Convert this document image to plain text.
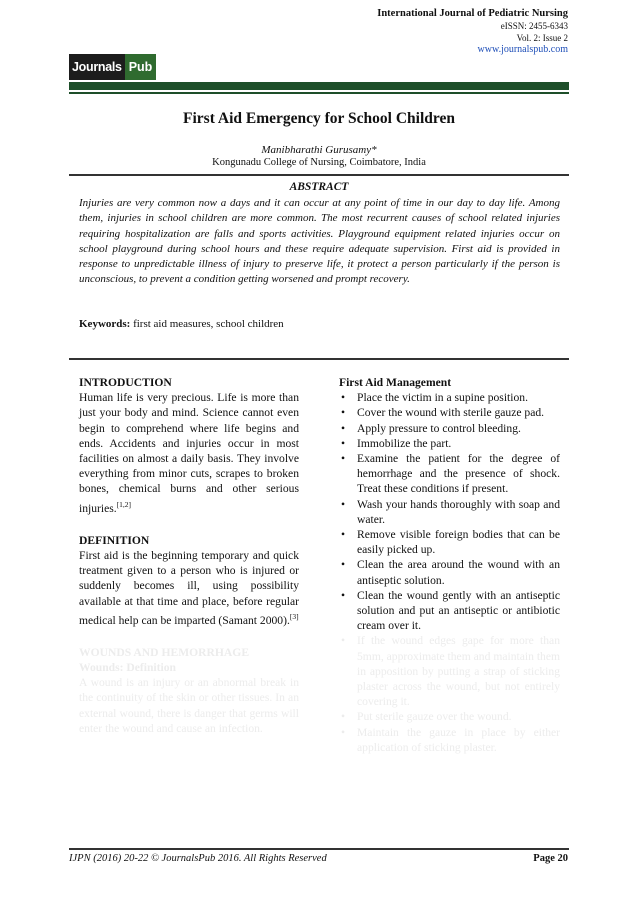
International Journal of Pediatric Nursing
eISSN: 2455-6343
Vol. 2: Issue 2
www.journalspub.com
Journals Pub
First Aid Emergency for School Children
Manibharathi Gurusamy*
Kongunadu College of Nursing, Coimbatore, India
ABSTRACT
Injuries are very common now a days and it can occur at any point of time in our day to day life. Among them, injuries in school children are more common. The most recurrent causes of school related injuries requiring hospitalization are falls and sports activities. Playground equipment related injuries occur on school playground during school hours and these require adequate supervision. First aid is provided in response to unpredictable illness of injury to preserve life, it protect a person particularly if the person is unconscious, to prevent a condition getting worsened and prompt recovery.
Keywords: first aid measures, school children
INTRODUCTION
Human life is very precious. Life is more than just your body and mind. Science cannot even begin to comprehend where life begins and ends. Accidents and injuries occur in most facilities on almost a daily basis. They involve everything from minor cuts, scrapes to broken bones, chemical burns and other serious injuries.[1,2]
DEFINITION
First aid is the beginning temporary and quick treatment given to a person who is injured or suddenly becomes ill, using possibility available at that time and place, before regular medical help can be imparted (Samant 2000).[3]
WOUNDS AND HEMORRHAGE
Wounds: Definition
A wound is an injury or an abnormal break in the continuity of the skin or other tissues. In an external wound, there is danger that germs will enter the wound and cause an infection.
First Aid Management
• Place the victim in a supine position.
• Cover the wound with sterile gauze pad.
• Apply pressure to control bleeding.
• Immobilize the part.
• Examine the patient for the degree of hemorrhage and the presence of shock. Treat these conditions if present.
• Wash your hands thoroughly with soap and water.
• Remove visible foreign bodies that can be easily picked up.
• Clean the area around the wound with an antiseptic solution.
• Clean the wound gently with an antiseptic solution and put an antiseptic or antibiotic cream over it.
• If the wound edges gape for more than 5mm, approximate them and maintain them in apposition by putting a strap of sticking plaster across the wound, but not entirely covering it.
• Put sterile gauze over the wound.
• Maintain the gauze in place by either application of sticking plaster.
IJPN (2016) 20-22 © JournalsPub 2016. All Rights Reserved	Page 20
